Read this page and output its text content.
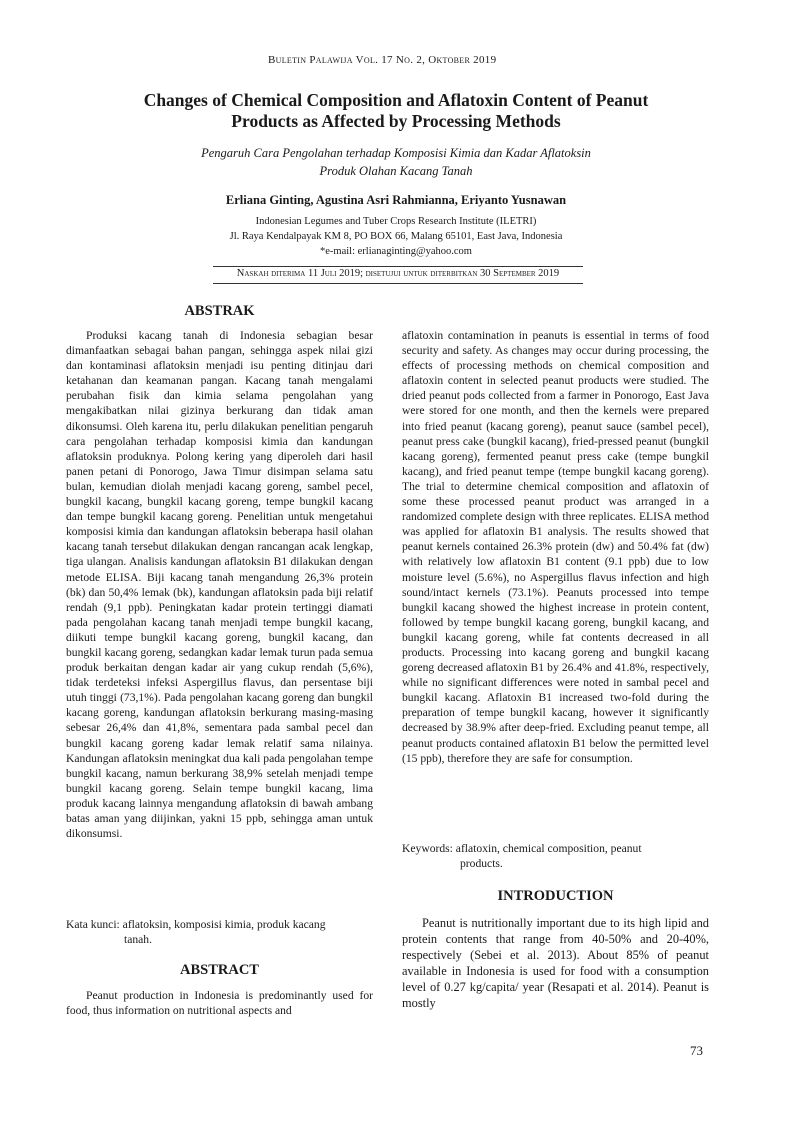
Buletin Palawija Vol. 17 No. 2, Oktober 2019
Changes of Chemical Composition and Aflatoxin Content of Peanut
Products as Affected by Processing Methods

Pengaruh Cara Pengolahan terhadap Komposisi Kimia dan Kadar Aflatoksin
Produk Olahan Kacang Tanah

Erliana Ginting, Agustina Asri Rahmianna, Eriyanto Yusnawan

Indonesian Legumes and Tuber Crops Research Institute (ILETRI)
Jl. Raya Kendalpayak KM 8, PO BOX 66, Malang 65101, East Java, Indonesia
*e-mail: erlianaginting@yahoo.com

Naskah diterima 11 Juli 2019; disetujui untuk diterbitkan 30 September 2019
ABSTRAK

Produksi kacang tanah di Indonesia sebagian besar dimanfaatkan sebagai bahan pangan, sehingga aspek nilai gizi dan kontaminasi aflatoksin menjadi isu penting ditinjau dari ketahanan dan keamanan pangan. Kacang tanah mengalami perubahan fisik dan kimia selama pengolahan yang mengakibatkan nilai gizinya berkurang dan tidak aman dikonsumsi. Oleh karena itu, perlu dilakukan penelitian pengaruh cara pengolahan terhadap komposisi kimia dan kandungan aflatoksin produknya. Polong kering yang diperoleh dari hasil panen petani di Ponorogo, Jawa Timur disimpan selama satu bulan, kemudian diolah menjadi kacang goreng, sambel pecel, bungkil kacang, bungkil kacang goreng, tempe bungkil kacang dan tempe bungkil kacang goreng. Penelitian untuk mengetahui komposisi kimia dan kandungan aflatoksin beberapa hasil olahan kacang tanah tersebut dilakukan dengan rancangan acak lengkap, tiga ulangan. Analisis kandungan aflatoksin B1 dilakukan dengan metode ELISA. Biji kacang tanah mengandung 26,3% protein (bk) dan 50,4% lemak (bk), kandungan aflatoksin pada biji relatif rendah (9,1 ppb). Peningkatan kadar protein tertinggi diamati pada pengolahan kacang tanah menjadi tempe bungkil kacang, diikuti tempe bungkil kacang goreng, bungkil kacang, dan bungkil kacang goreng, sedangkan kadar lemak turun pada semua produk berkaitan dengan kadar air yang cukup rendah (5,6%), tidak terdeteksi infeksi Aspergillus flavus, dan persentase biji utuh tinggi (73,1%). Pada pengolahan kacang goreng dan bungkil kacang goreng, kandungan aflatoksin berkurang masing-masing sebesar 26,4% dan 41,8%, sementara pada sambal pecel dan bungkil kacang goreng kadar lemak relatif sama nilainya. Kandungan aflatoksin meningkat dua kali pada pengolahan tempe bungkil kacang, namun berkurang 38,9% setelah menjadi tempe bungkil kacang goreng. Selain tempe bungkil kacang, lima produk kacang lainnya mengandung aflatoksin di bawah ambang batas aman yang diijinkan, yakni 15 ppb, sehingga aman untuk dikonsumsi.

Kata kunci: aflatoksin, komposisi kimia, produk kacang
tanah.

ABSTRACT

Peanut production in Indonesia is predominantly used for food, thus information on nutritional aspects and

aflatoxin contamination in peanuts is essential in terms of food security and safety. As changes may occur during processing, the effects of processing methods on chemical composition and aflatoxin content in selected peanut products were studied. The dried peanut pods collected from a farmer in Ponorogo, East Java were stored for one month, and then the kernels were prepared into fried peanut (kacang goreng), peanut sauce (sambel pecel), peanut press cake (bungkil kacang), fried-pressed peanut (bungkil kacang goreng), fermented peanut press cake (tempe bungkil kacang), and fried peanut tempe (tempe bungkil kacang goreng). The trial to determine chemical composition and aflatoxin of some these processed peanut product was arranged in a randomized complete design with three replicates. ELISA method was applied for aflatoxin B1 analysis. The results showed that peanut kernels contained 26.3% protein (dw) and 50.4% fat (dw) with relatively low aflatoxin B1 content (9.1 ppb) due to low moisture level (5.6%), no Aspergillus flavus infection and high sound/intact kernels (73.1%). Peanuts processed into tempe bungkil kacang showed the highest increase in protein content, followed by tempe bungkil kacang goreng, bungkil kacang, and bungkil kacang goreng, while fat contents decreased in all products. Processing into kacang goreng and bungkil kacang goreng decreased aflatoxin B1 by 26.4% and 41.8%, respectively, while no significant differences were noted in sambal pecel and bungkil kacang. Aflatoxin B1 increased two-fold during the preparation of tempe bungkil kacang, however it significantly decreased by 38.9% after deep-fried. Excluding peanut tempe, all peanut products contained aflatoxin B1 below the permitted level (15 ppb), therefore they are safe for consumption.

Keywords: aflatoxin, chemical composition, peanut
products.

INTRODUCTION

Peanut is nutritionally important due to its high lipid and protein contents that range from 40-50% and 20-40%, respectively (Sebei et al. 2013). About 85% of peanut available in Indonesia is used for food with a consumption level of 0.27 kg/capita/ year (Resapati et al. 2014). Peanut is mostly

73
